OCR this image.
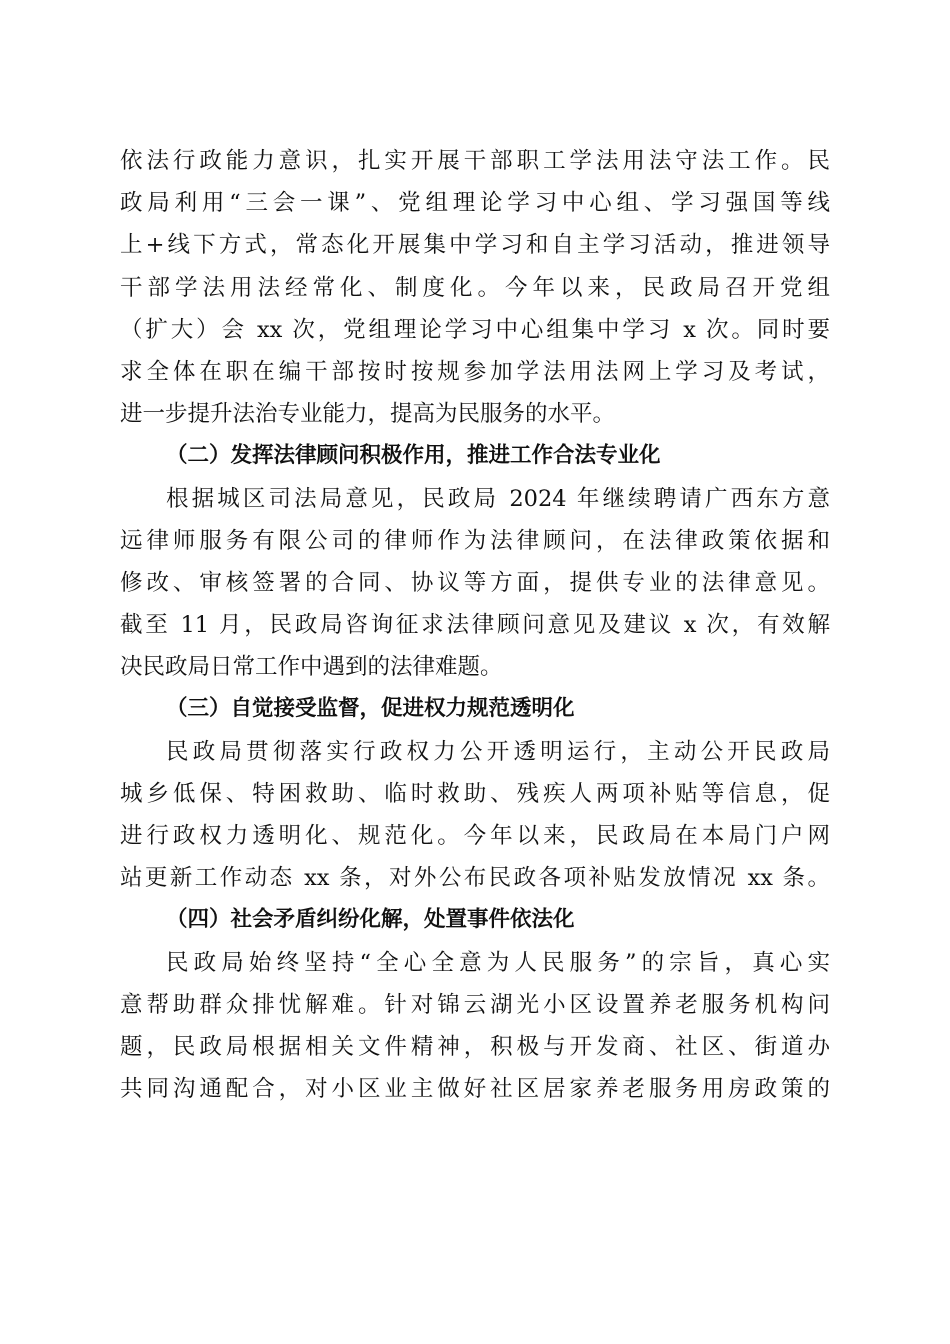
依法行政能力意识，扎实开展干部职工学法用法守法工作。民
政局利用“三会一课”、党组理论学习中心组、学习强国等线
上+线下方式，常态化开展集中学习和自主学习活动，推进领导
干部学法用法经常化、制度化。今年以来，民政局召开党组
（扩大）会 xx 次，党组理论学习中心组集中学习 x 次。同时要
求全体在职在编干部按时按规参加学法用法网上学习及考试，
进一步提升法治专业能力，提高为民服务的水平。
（二）发挥法律顾问积极作用，推进工作合法专业化
根据城区司法局意见，民政局 2024 年继续聘请广西东方意
远律师服务有限公司的律师作为法律顾问，在法律政策依据和
修改、审核签署的合同、协议等方面，提供专业的法律意见。
截至 11 月，民政局咨询征求法律顾问意见及建议 x 次，有效解
决民政局日常工作中遇到的法律难题。
（三）自觉接受监督，促进权力规范透明化
民政局贯彻落实行政权力公开透明运行，主动公开民政局
城乡低保、特困救助、临时救助、残疾人两项补贴等信息，促
进行政权力透明化、规范化。今年以来，民政局在本局门户网
站更新工作动态 xx 条，对外公布民政各项补贴发放情况 xx 条。
（四）社会矛盾纠纷化解，处置事件依法化
民政局始终坚持“全心全意为人民服务”的宗旨，真心实
意帮助群众排忧解难。针对锦云湖光小区设置养老服务机构问
题，民政局根据相关文件精神，积极与开发商、社区、街道办
共同沟通配合，对小区业主做好社区居家养老服务用房政策的
